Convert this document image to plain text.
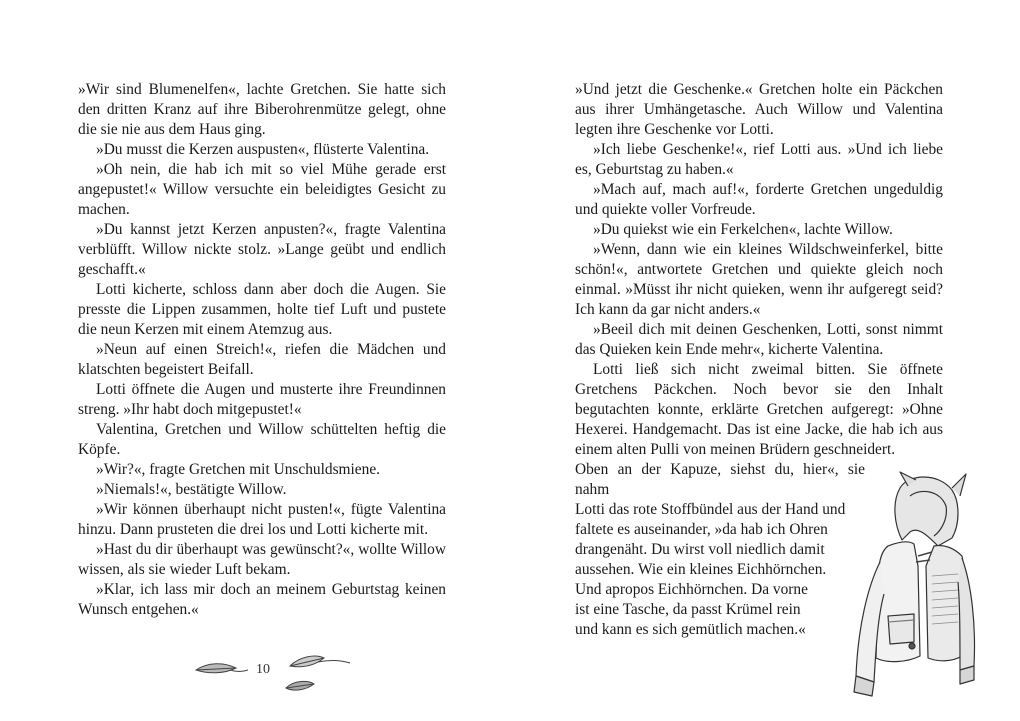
»Wir sind Blumenelfen«, lachte Gretchen. Sie hatte sich den dritten Kranz auf ihre Biberohrenmütze gelegt, ohne die sie nie aus dem Haus ging.

»Du musst die Kerzen auspusten«, flüsterte Valentina.

»Oh nein, die hab ich mit so viel Mühe gerade erst angepustet!« Willow versuchte ein beleidigtes Gesicht zu machen.

»Du kannst jetzt Kerzen anpusten?«, fragte Valentina verblüfft. Willow nickte stolz. »Lange geübt und endlich geschafft.«

Lotti kicherte, schloss dann aber doch die Augen. Sie presste die Lippen zusammen, holte tief Luft und pustete die neun Kerzen mit einem Atemzug aus.

»Neun auf einen Streich!«, riefen die Mädchen und klatschten begeistert Beifall.

Lotti öffnete die Augen und musterte ihre Freundinnen streng. »Ihr habt doch mitgepustet!«

Valentina, Gretchen und Willow schüttelten heftig die Köpfe.

»Wir?«, fragte Gretchen mit Unschuldsmiene.

»Niemals!«, bestätigte Willow.

»Wir können überhaupt nicht pusten!«, fügte Valentina hinzu. Dann prusteten die drei los und Lotti kicherte mit.

»Hast du dir überhaupt was gewünscht?«, wollte Willow wissen, als sie wieder Luft bekam.

»Klar, ich lass mir doch an meinem Geburtstag keinen Wunsch entgehen.«

10

»Und jetzt die Geschenke.« Gretchen holte ein Päckchen aus ihrer Umhängetasche. Auch Willow und Valentina legten ihre Geschenke vor Lotti.

»Ich liebe Geschenke!«, rief Lotti aus. »Und ich liebe es, Geburtstag zu haben.«

»Mach auf, mach auf!«, forderte Gretchen ungeduldig und quiekte voller Vorfreude.

»Du quiekst wie ein Ferkelchen«, lachte Willow.

»Wenn, dann wie ein kleines Wildschweinferkel, bitte schön!«, antwortete Gretchen und quiekte gleich noch einmal. »Müsst ihr nicht quieken, wenn ihr aufgeregt seid? Ich kann da gar nicht anders.«

»Beeil dich mit deinen Geschenken, Lotti, sonst nimmt das Quieken kein Ende mehr«, kicherte Valentina.

Lotti ließ sich nicht zweimal bitten. Sie öffnete Gretchens Päckchen. Noch bevor sie den Inhalt begutachten konnte, erklärte Gretchen aufgeregt: »Ohne Hexerei. Handgemacht. Das ist eine Jacke, die hab ich aus einem alten Pulli von meinen Brüdern geschneidert.

Oben an der Kapuze, siehst du, hier«, sie nahm
Lotti das rote Stoffbündel aus der Hand und
faltete es auseinander, »da hab ich Ohren
drangenäht. Du wirst voll niedlich damit
aussehen. Wie ein kleines Eichhörnchen.
Und apropos Eichhörnchen. Da vorne
ist eine Tasche, da passt Krümel rein
und kann es sich gemütlich machen.«
